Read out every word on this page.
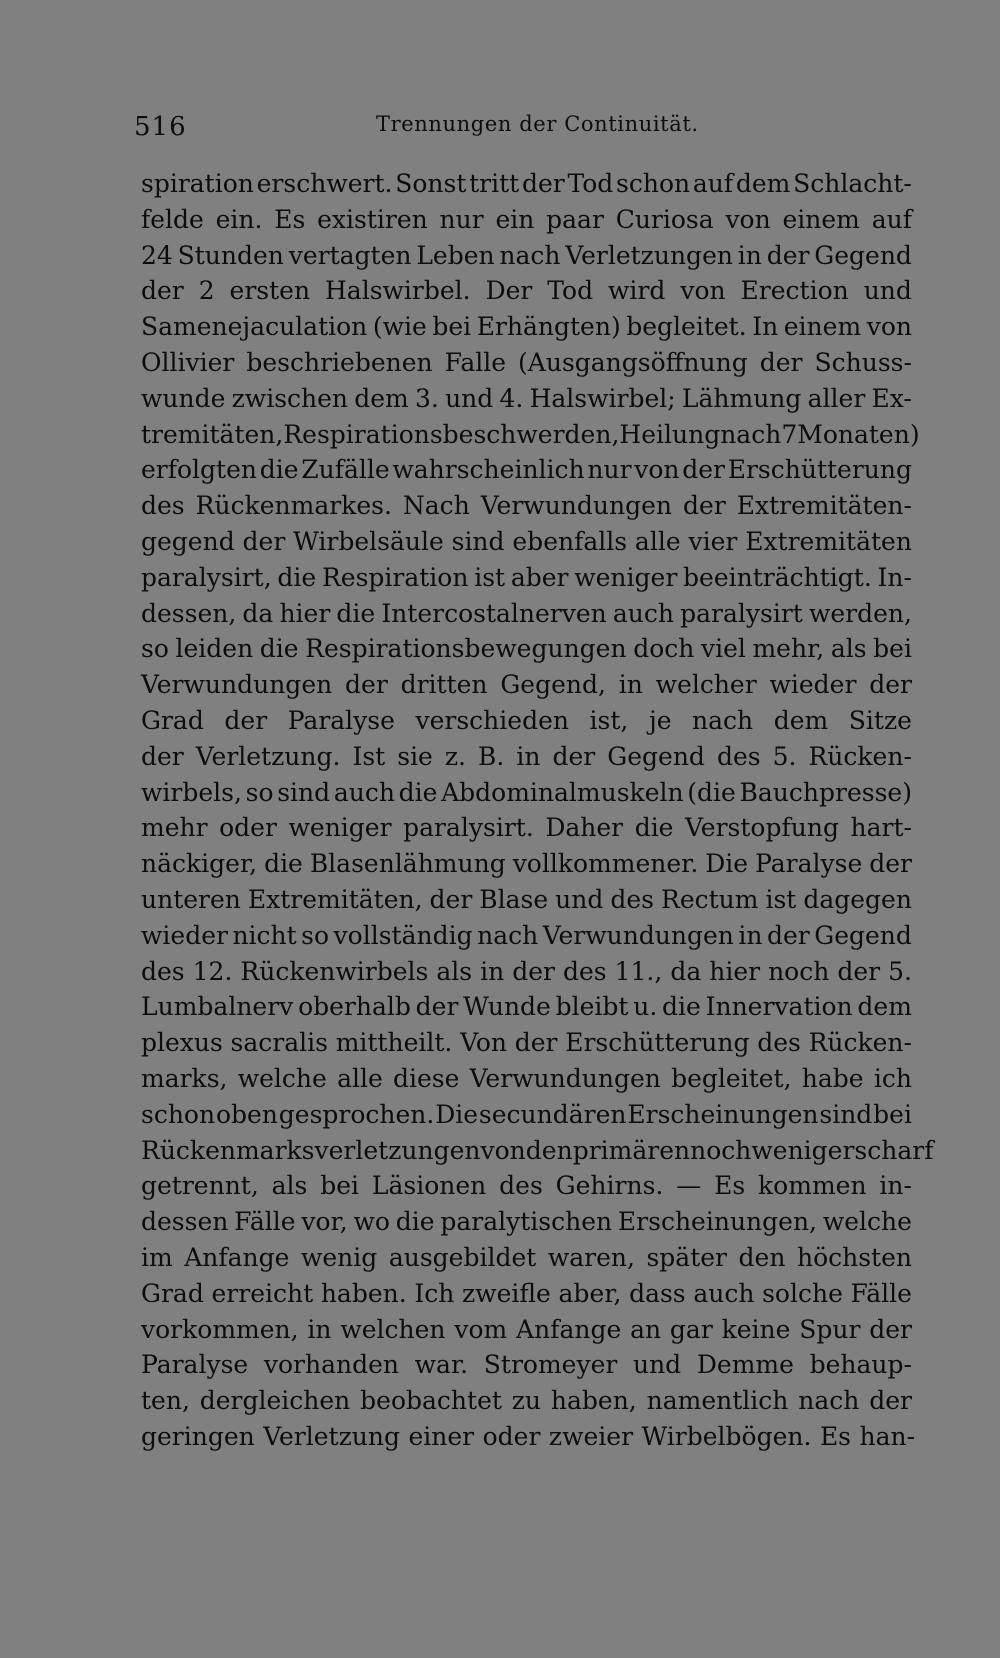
516	Trennungen der Continuität.
spiration erschwert. Sonst tritt der Tod schon auf dem Schlacht-
felde ein. Es existiren nur ein paar Curiosa von einem auf
24 Stunden vertagten Leben nach Verletzungen in der Gegend
der 2 ersten Halswirbel. Der Tod wird von Erection und
Samenejaculation (wie bei Erhängten) begleitet. In einem von
Ollivier beschriebenen Falle (Ausgangsöffnung der Schuss-
wunde zwischen dem 3. und 4. Halswirbel; Lähmung aller Ex-
tremitäten, Respirationsbeschwerden, Heilung nach 7 Monaten)
erfolgten die Zufälle wahrscheinlich nur von der Erschütterung
des Rückenmarkes. Nach Verwundungen der Extremitäten-
gegend der Wirbelsäule sind ebenfalls alle vier Extremitäten
paralysirt, die Respiration ist aber weniger beeinträchtigt. In-
dessen, da hier die Intercostalnerven auch paralysirt werden,
so leiden die Respirationsbewegungen doch viel mehr, als bei
Verwundungen der dritten Gegend, in welcher wieder der
Grad der Paralyse verschieden ist, je nach dem Sitze
der Verletzung. Ist sie z. B. in der Gegend des 5. Rücken-
wirbels, so sind auch die Abdominalmuskeln (die Bauchpresse)
mehr oder weniger paralysirt. Daher die Verstopfung hart-
näckiger, die Blasenlähmung vollkommener. Die Paralyse der
unteren Extremitäten, der Blase und des Rectum ist dagegen
wieder nicht so vollständig nach Verwundungen in der Gegend
des 12. Rückenwirbels als in der des 11., da hier noch der 5.
Lumbalnerv oberhalb der Wunde bleibt u. die Innervation dem
plexus sacralis mittheilt. Von der Erschütterung des Rücken-
marks, welche alle diese Verwundungen begleitet, habe ich
schon oben gesprochen. Die secundären Erscheinungen sind bei
Rückenmarksverletzungen von den primären noch weniger scharf
getrennt, als bei Läsionen des Gehirns. — Es kommen in-
dessen Fälle vor, wo die paralytischen Erscheinungen, welche
im Anfange wenig ausgebildet waren, später den höchsten
Grad erreicht haben. Ich zweifle aber, dass auch solche Fälle
vorkommen, in welchen vom Anfange an gar keine Spur der
Paralyse vorhanden war. Stromeyer und Demme behaup-
ten, dergleichen beobachtet zu haben, namentlich nach der
geringen Verletzung einer oder zweier Wirbelbögen. Es han-
